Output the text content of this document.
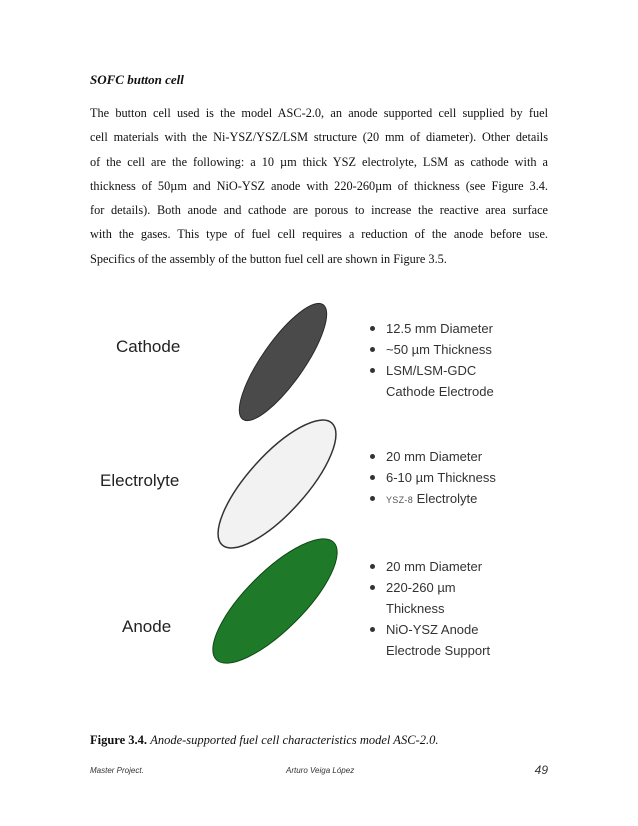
SOFC button cell
The button cell used is the model ASC-2.0, an anode supported cell supplied by fuel
cell materials with the Ni-YSZ/YSZ/LSM structure (20 mm of diameter). Other details
of the cell are the following: a 10 µm thick YSZ electrolyte, LSM as cathode with a
thickness of 50µm and NiO-YSZ anode with 220-260µm of thickness (see Figure 3.4.
for details). Both anode and cathode are porous to increase the reactive area surface
with the gases. This type of fuel cell requires a reduction of the anode before use.
Specifics of the assembly of the button fuel cell are shown in Figure 3.5.
Cathode
Electrolyte
Anode
12.5 mm Diameter
~50 µm Thickness
LSM/LSM-GDC
Cathode Electrode
20 mm Diameter
6-10 µm Thickness
YSZ-8 Electrolyte
20 mm Diameter
220-260 µm
Thickness
NiO-YSZ Anode
Electrode Support
Figure 3.4. Anode-supported fuel cell characteristics model ASC-2.0.
Master Project.	Arturo Veiga López	49
